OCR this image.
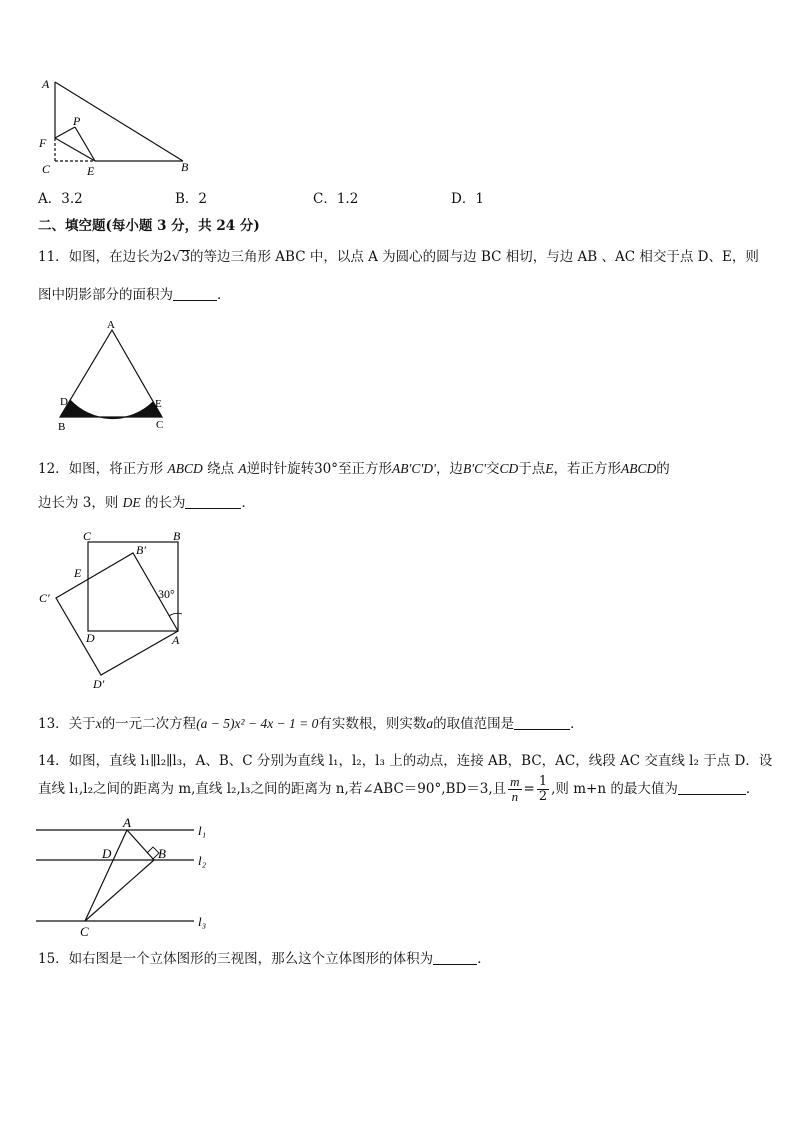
A
P
F
C	E	B
A．3.2	B．2	C．1.2	D．1
二、填空题(每小题 3 分，共 24 分)
11．如图，在边长为2√3的等边三角形 ABC 中，以点 A 为圆心的圆与边 BC 相切，与边 AB 、AC 相交于点 D、E，则
图中阴影部分的面积为	．
A
D	E
B	C
12．如图，将正方形 ABCD 绕点 A逆时针旋转30°至正方形AB'C'D'，边B'C'交CD于点E，若正方形ABCD的
边长为 3，则 DE 的长为	．
C	B
B′
E
C′	30°
D	A
D′
13．关于x的一元二次方程(a − 5)x² − 4x − 1 = 0有实数根，则实数a的取值范围是	．
14．如图，直线 l₁∥l₂∥l₃，A、B、C 分别为直线 l₁，l₂，l₃ 上的动点，连接 AB，BC，AC，线段 AC 交直线 l₂ 于点 D．设
直线 l₁,l₂之间的距离为 m,直线 l₂,l₃之间的距离为 n,若∠ABC＝90°,BD＝3,且 $\frac{m}{n} = \frac{1}{2}$ ,则 m+n 的最大值为	．
A
D	B
C
l₁
l₂
l₃
15．如右图是一个立体图形的三视图，那么这个立体图形的体积为	．
